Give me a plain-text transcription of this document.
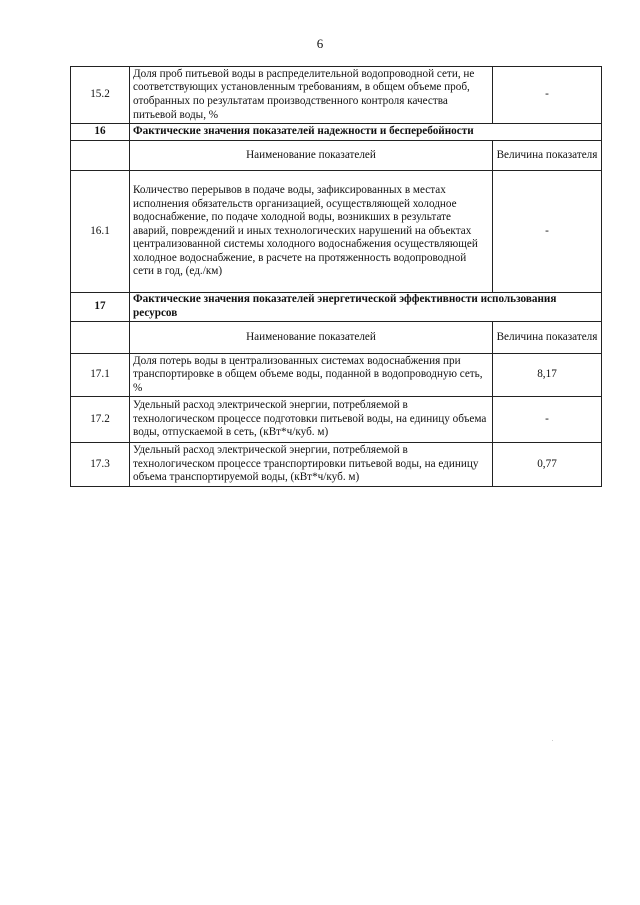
6
15.2	Доля проб питьевой воды в распределительной водопроводной сети, не соответствующих установленным требованиям, в общем объеме проб, отобранных по результатам производственного контроля качества питьевой воды, %	-
16	Фактические значения показателей надежности и бесперебойности	
	Наименование показателей	Величина показателя
16.1	Количество перерывов в подаче воды, зафиксированных в местах исполнения обязательств организацией, осуществляющей холодное водоснабжение, по подаче холодной воды, возникших в результате аварий, повреждений и иных технологических нарушений на объектах централизованной системы холодного водоснабжения осуществляющей холодное водоснабжение, в расчете на протяженность водопроводной сети в год, (ед./км)	-
17	Фактические значения показателей энергетической эффективности использования ресурсов	
	Наименование показателей	Величина показателя
17.1	Доля потерь воды в централизованных системах водоснабжения при транспортировке в общем объеме воды, поданной в водопроводную сеть, %	8,17
17.2	Удельный расход электрической энергии, потребляемой в технологическом процессе подготовки питьевой воды, на единицу объема воды, отпускаемой в сеть, (кВт*ч/куб. м)	-
17.3	Удельный расход электрической энергии, потребляемой в технологическом процессе транспортировки питьевой воды, на единицу объема транспортируемой воды, (кВт*ч/куб. м)	0,77
